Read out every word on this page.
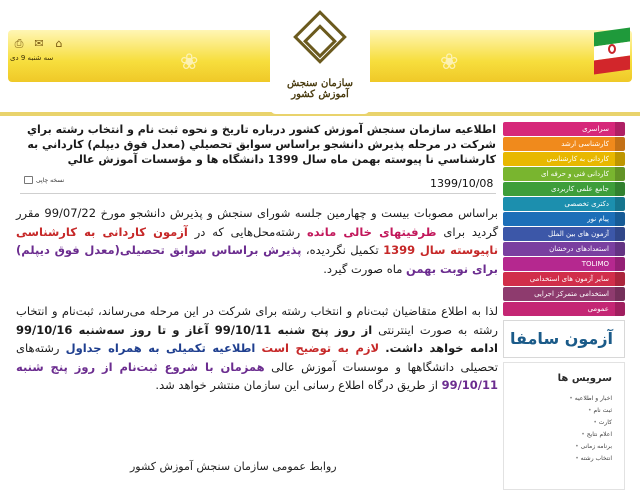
❀	❀
⎙ ✉	⌂
سه شنبه 9 دی
سازمان سنجش آموزش کشور
اطلاعيه سازمان سنجش آموزش كشور درباره تاريخ و نحوه ثبت نام و انتخاب رشته براي شركت در مرحله پذيرش دانشجو براساس سوابق تحصيلي (معدل فوق ديپلم) كارداني به كارشناسي نا پيوسته بهمن ماه سال 1399 دانشگاه ها و مؤسسات آموزش عالي
نسخه چاپی	1399/10/08
براساس مصوبات بیست و چهارمین جلسه شورای سنجش و پذیرش دانشجو مورخ 99/07/22 مقرر گردید برای ظرفیتهای خالی مانده رشته‌محل‌هایی که در آزمون کاردانی به کارشناسی ناپیوسته سال 1399 تکمیل نگردیده، پذیرش براساس سوابق تحصیلی(معدل فوق دیپلم) برای نوبت بهمن ماه صورت گیرد.
لذا به اطلاع متقاضیان ثبت‌نام و انتخاب رشته برای شرکت در این مرحله می‌رساند، ثبت‌نام و انتخاب رشته به صورت اینترنتی از روز پنج شنبه 99/10/11 آغاز و تا روز سه‌شنبه 99/10/16 ادامه خواهد داشت. لازم به توضیح است اطلاعیه تکمیلی به همراه جداول رشته‌های تحصیلی دانشگاهها و موسسات آموزش عالی همزمان با شروع ثبت‌نام از روز پنج شنبه 99/10/11 از طریق درگاه اطلاع رسانی این سازمان منتشر خواهد شد.
روابط عمومی سازمان سنجش آموزش کشور
سراسری
کارشناسی ارشد
کاردانی به کارشناسی
کاردانی فنی و حرفه ای
جامع علمی کاربردی
دکتری تخصصی
پیام نور
آزمون های بین الملل
استعدادهای درخشان
TOLIMO
سایر آزمون های استخدامی
استخدامی متمرکز اجرایی
عمومی
آزمون سامفا
سرویس ها
اخبار و اطلاعیه •
ثبت نام •
کارت •
اعلام نتایج •
برنامه زمانی •
انتخاب رشته •
